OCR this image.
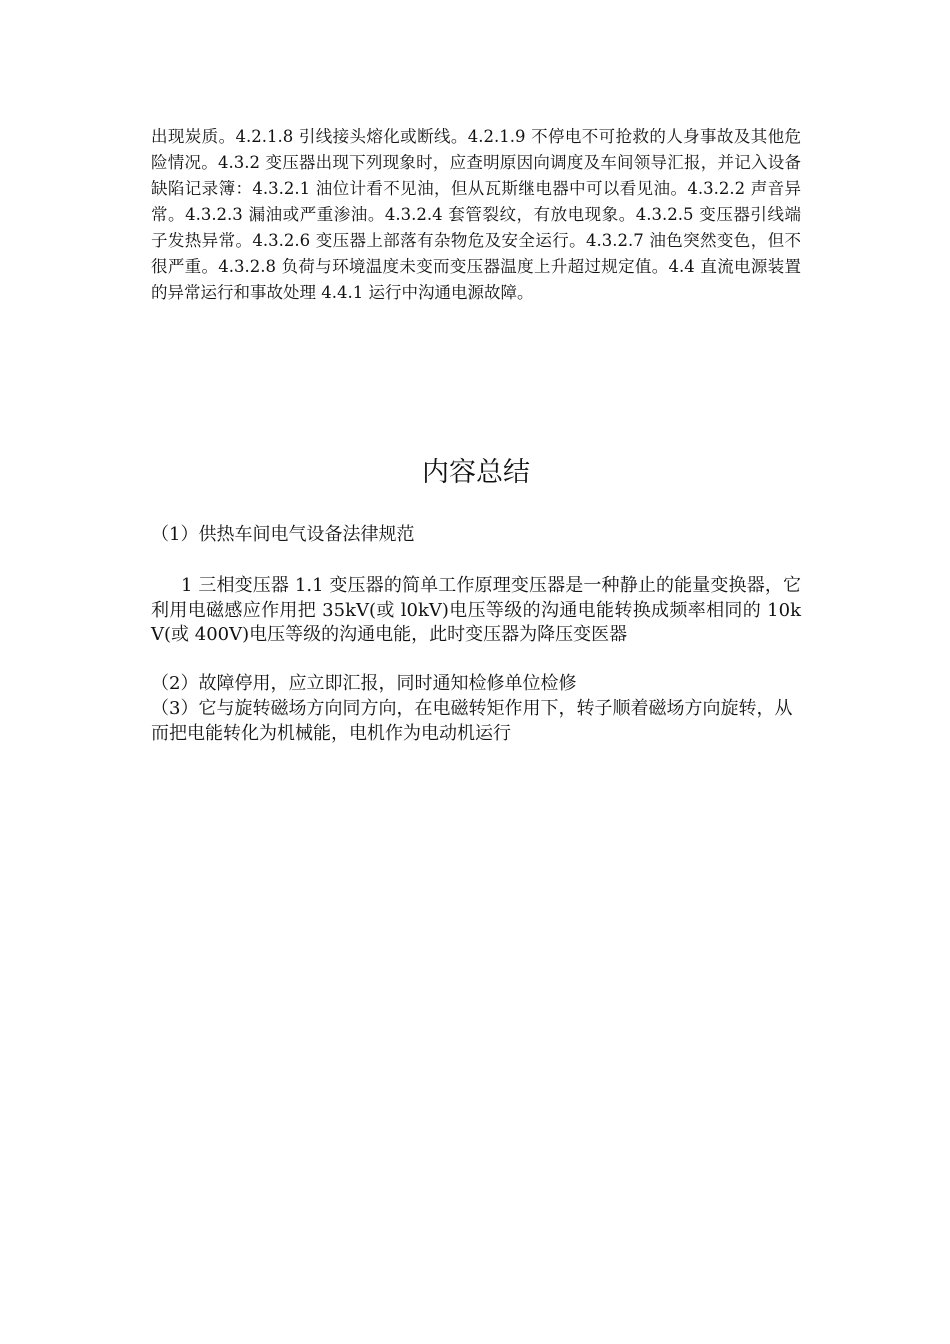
出现炭质。4.2.1.8 引线接头熔化或断线。4.2.1.9 不停电不可抢救的人身事故及其他危险情况。4.3.2 变压器出现下列现象时，应查明原因向调度及车间领导汇报，并记入设备缺陷记录簿：4.3.2.1 油位计看不见油，但从瓦斯继电器中可以看见油。4.3.2.2 声音异常。4.3.2.3 漏油或严重渗油。4.3.2.4 套管裂纹，有放电现象。4.3.2.5 变压器引线端子发热异常。4.3.2.6 变压器上部落有杂物危及安全运行。4.3.2.7 油色突然变色，但不很严重。4.3.2.8 负荷与环境温度未变而变压器温度上升超过规定值。4.4 直流电源装置的异常运行和事故处理 4.4.1 运行中沟通电源故障。
内容总结
（1）供热车间电气设备法律规范
1 三相变压器 1.1 变压器的简单工作原理变压器是一种静止的能量变换器，它利用电磁感应作用把 35kV(或 l0kV)电压等级的沟通电能转换成频率相同的 10kV(或 400V)电压等级的沟通电能，此时变压器为降压变医器
（2）故障停用，应立即汇报，同时通知检修单位检修
（3）它与旋转磁场方向同方向，在电磁转矩作用下，转子顺着磁场方向旋转，从而把电能转化为机械能，电机作为电动机运行
